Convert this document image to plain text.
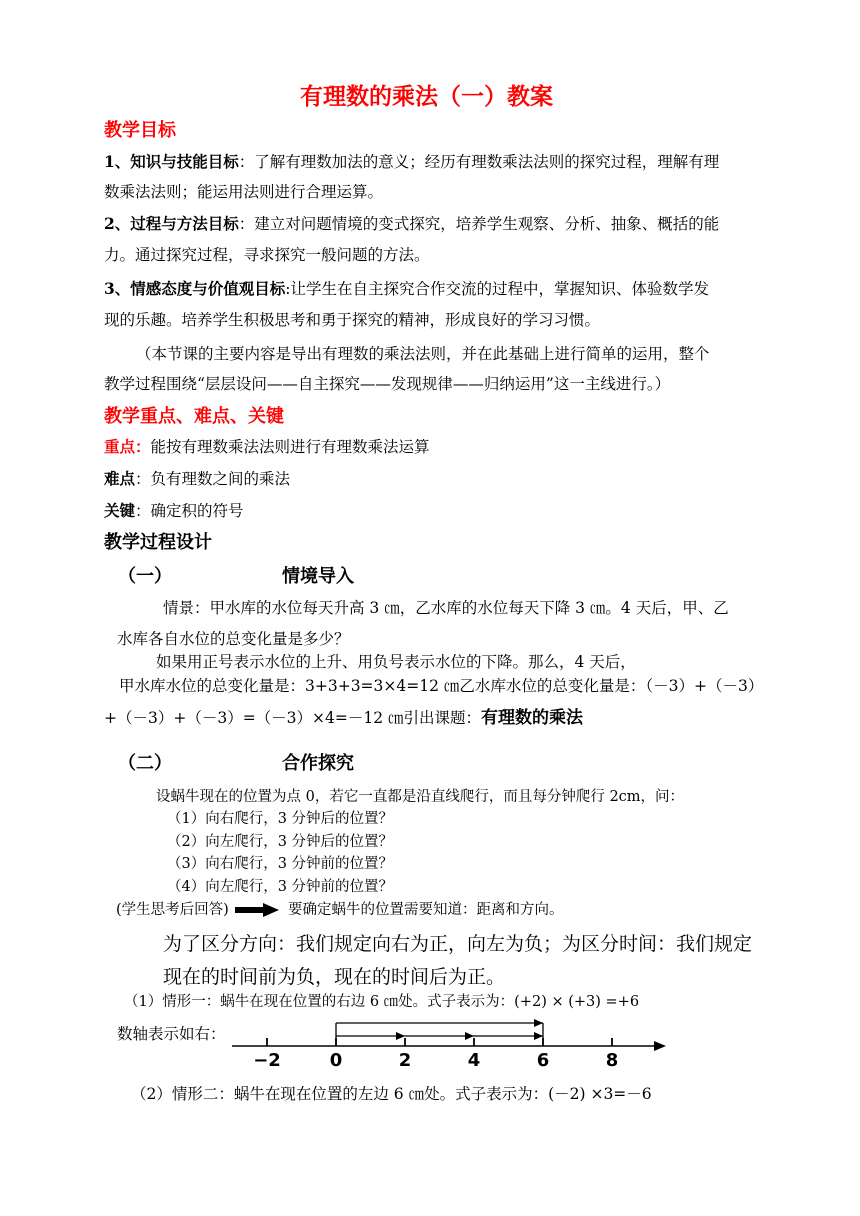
有理数的乘法（一）教案
教学目标
1、知识与技能目标：了解有理数加法的意义；经历有理数乘法法则的探究过程，理解有理
数乘法法则；能运用法则进行合理运算。
2、过程与方法目标：建立对问题情境的变式探究，培养学生观察、分析、抽象、概括的能
力。通过探究过程，寻求探究一般问题的方法。
3、情感态度与价值观目标:让学生在自主探究合作交流的过程中，掌握知识、体验数学发
现的乐趣。培养学生积极思考和勇于探究的精神，形成良好的学习习惯。
（本节课的主要内容是导出有理数的乘法法则，并在此基础上进行简单的运用，整个
教学过程围绕“层层设问——自主探究——发现规律——归纳运用”这一主线进行。）
教学重点、难点、关键
重点：能按有理数乘法法则进行有理数乘法运算
难点：负有理数之间的乘法
关键：确定积的符号
教学过程设计
（一）	情境导入
情景：甲水库的水位每天升高 3 ㎝，乙水库的水位每天下降 3 ㎝。4 天后，甲、乙
水库各自水位的总变化量是多少？
如果用正号表示水位的上升、用负号表示水位的下降。那么，4 天后，
甲水库水位的总变化量是：3+3+3=3×4=12 ㎝乙水库水位的总变化量是：（－3）+（－3）
+（－3）+（－3）=（－3）×4=－12 ㎝引出课题：有理数的乘法
（二）	合作探究
设蜗牛现在的位置为点 0，若它一直都是沿直线爬行，而且每分钟爬行 2cm，问：
（1）向右爬行，3 分钟后的位置？
（2）向左爬行，3 分钟后的位置？
（3）向右爬行，3 分钟前的位置？
（4）向左爬行，3 分钟前的位置？
(学生思考后回答)	要确定蜗牛的位置需要知道：距离和方向。
为了区分方向：我们规定向右为正，向左为负；为区分时间：我们规定
现在的时间前为负，现在的时间后为正。
（1）情形一：蜗牛在现在位置的右边 6 ㎝处。式子表示为：(+2) × (+3) =+6
数轴表示如右：
−2	0	2	4	6	8
（2）情形二：蜗牛在现在位置的左边 6 ㎝处。式子表示为：(－2) ×3=－6
